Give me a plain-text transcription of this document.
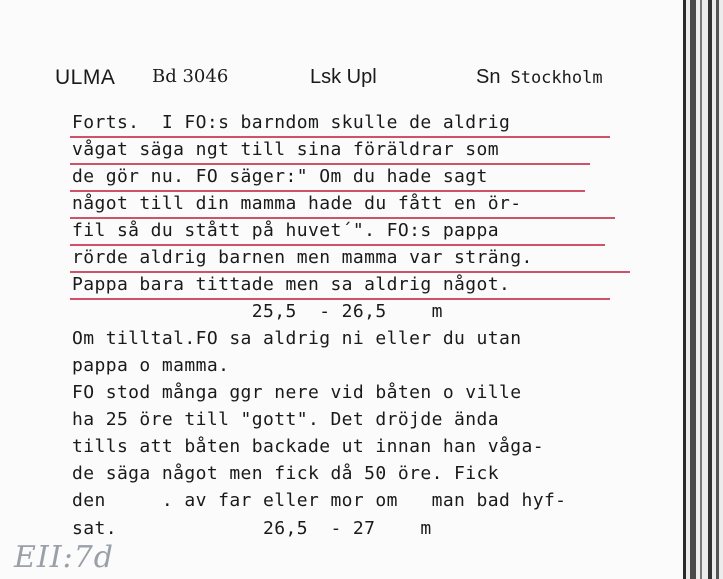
ULMA Bd 3046	Lsk Upl	Sn Stockholm
Forts.  I FO:s barndom skulle de aldrig
vågat säga ngt till sina föräldrar som
de gör nu. FO säger:" Om du hade sagt
något till din mamma hade du fått en ör-
fil så du stått på huvet´". FO:s pappa
rörde aldrig barnen men mamma var sträng.
Pappa bara tittade men sa aldrig något.
25,5  - 26,5    m
Om tilltal.FO sa aldrig ni eller du utan
pappa o mamma.
FO stod många ggr nere vid båten o ville
ha 25 öre till "gott". Det dröjde ända
tills att båten backade ut innan han våga-
de säga något men fick då 50 öre. Fick
den     . av far eller mor om   man bad hyf-
sat.             26,5  - 27    m
EII:7d
